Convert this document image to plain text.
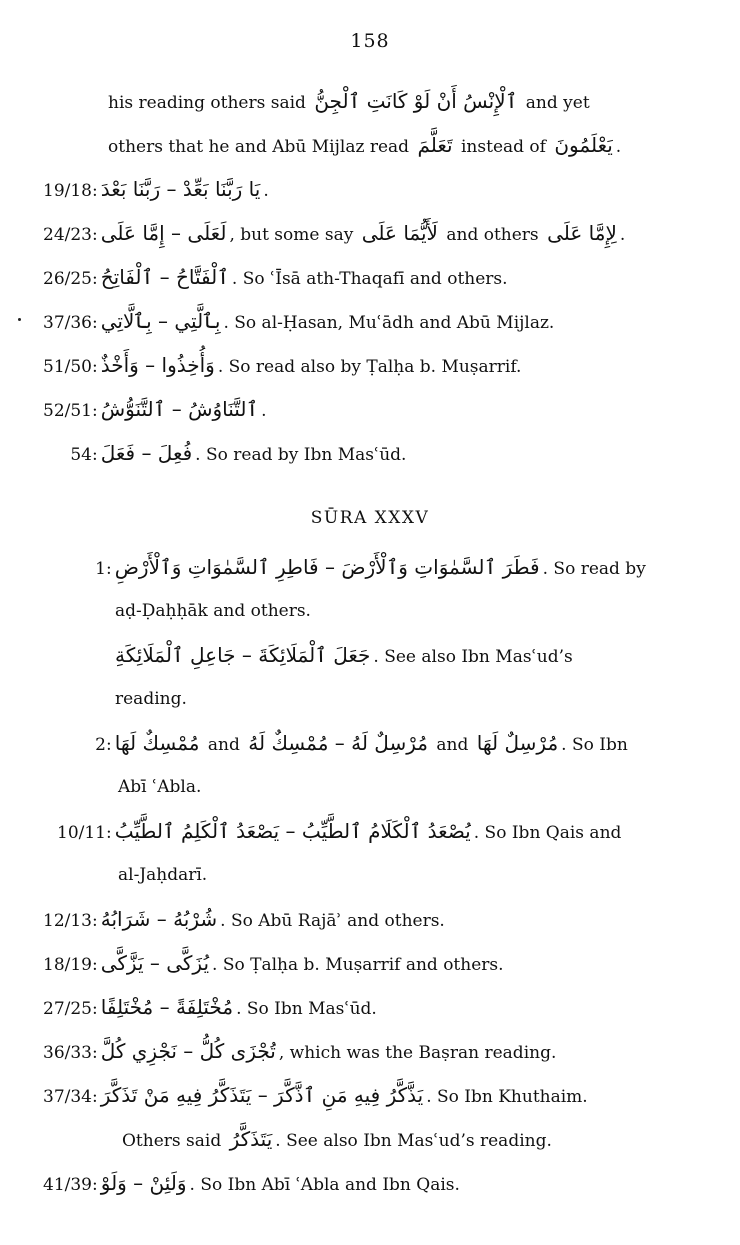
158
his reading others said ٱلْإِنْسُ أَنْ لَوْ كَانَتِ ٱلْجِنُّ and yet
others that he and Abū Mijlaz read تَعَلَّمَ instead of يَعْلَمُونَ .
19/18: يَا رَبَّنَا بَعِّدْ – رَبَّنَا بَعْدَ .
24/23: لَعَلَى – إِمَّا عَلَى , but some say لَأَيُّمَا عَلَى and others لِإِمَّا عَلَى .
26/25: ٱلْفَتَّاحُ – ٱلْفَاتِحُ . So ʿĪsā ath-Thaqafī and others.
37/36: بِٱلَّتِي – بِٱلَّاتِي . So al-Ḥasan, Muʿādh and Abū Mijlaz.
51/50: وَأُخِذُوا – وَأَخْذٌ . So read also by Ṭalḥa b. Muṣarrif.
52/51: ٱلتَّنَاوُشُ – ٱلتَّنَوُّشُ .
54: فُعِلَ – فَعَلَ . So read by Ibn Masʿūd.
SŪRA XXXV
1: فَطَرَ ٱلسَّمٰوَاتِ وَٱلْأَرْضَ – فَاطِرِ ٱلسَّمٰوَاتِ وَٱلْأَرْضِ . So read by
aḍ-Ḍaḥḥāk and others.
جَعَلَ ٱلْمَلَائِكَةَ – جَاعِلِ ٱلْمَلَائِكَةِ . See also Ibn Masʿud’s
reading.
2: مُمْسِكٌ لَهَا and مُرْسِلٌ لَهُ – مُمْسِكٌ لَهُ and مُرْسِلٌ لَهَا . So Ibn
Abī ʿAbla.
10/11: يُصْعَدُ ٱلْكَلَامُ ٱلطَّيِّبُ – يَصْعَدُ ٱلْكَلِمُ ٱلطَّيِّبُ . So Ibn Qais and
al-Jaḥdarī.
12/13: شُرْبُهُ – شَرَابُهُ . So Abū Rajāʾ and others.
18/19: يُزَكَّى – يَزَّكَّى . So Ṭalḥa b. Muṣarrif and others.
27/25: مُخْتَلِفَةً – مُخْتَلِفًا . So Ibn Masʿūd.
36/33: تُجْزَى كُلُّ – نَجْزِي كُلَّ , which was the Baṣran reading.
37/34: يَذَّكَّرُ فِيهِ مَنِ ٱذَّكَّرَ – يَتَذَكَّرُ فِيهِ مَنْ تَذَكَّرَ . So Ibn Khuthaim.
Others said يَتَذَكَّرُ . See also Ibn Masʿud’s reading.
41/39: وَلَئِنْ – وَلَوْ . So Ibn Abī ʿAbla and Ibn Qais.
